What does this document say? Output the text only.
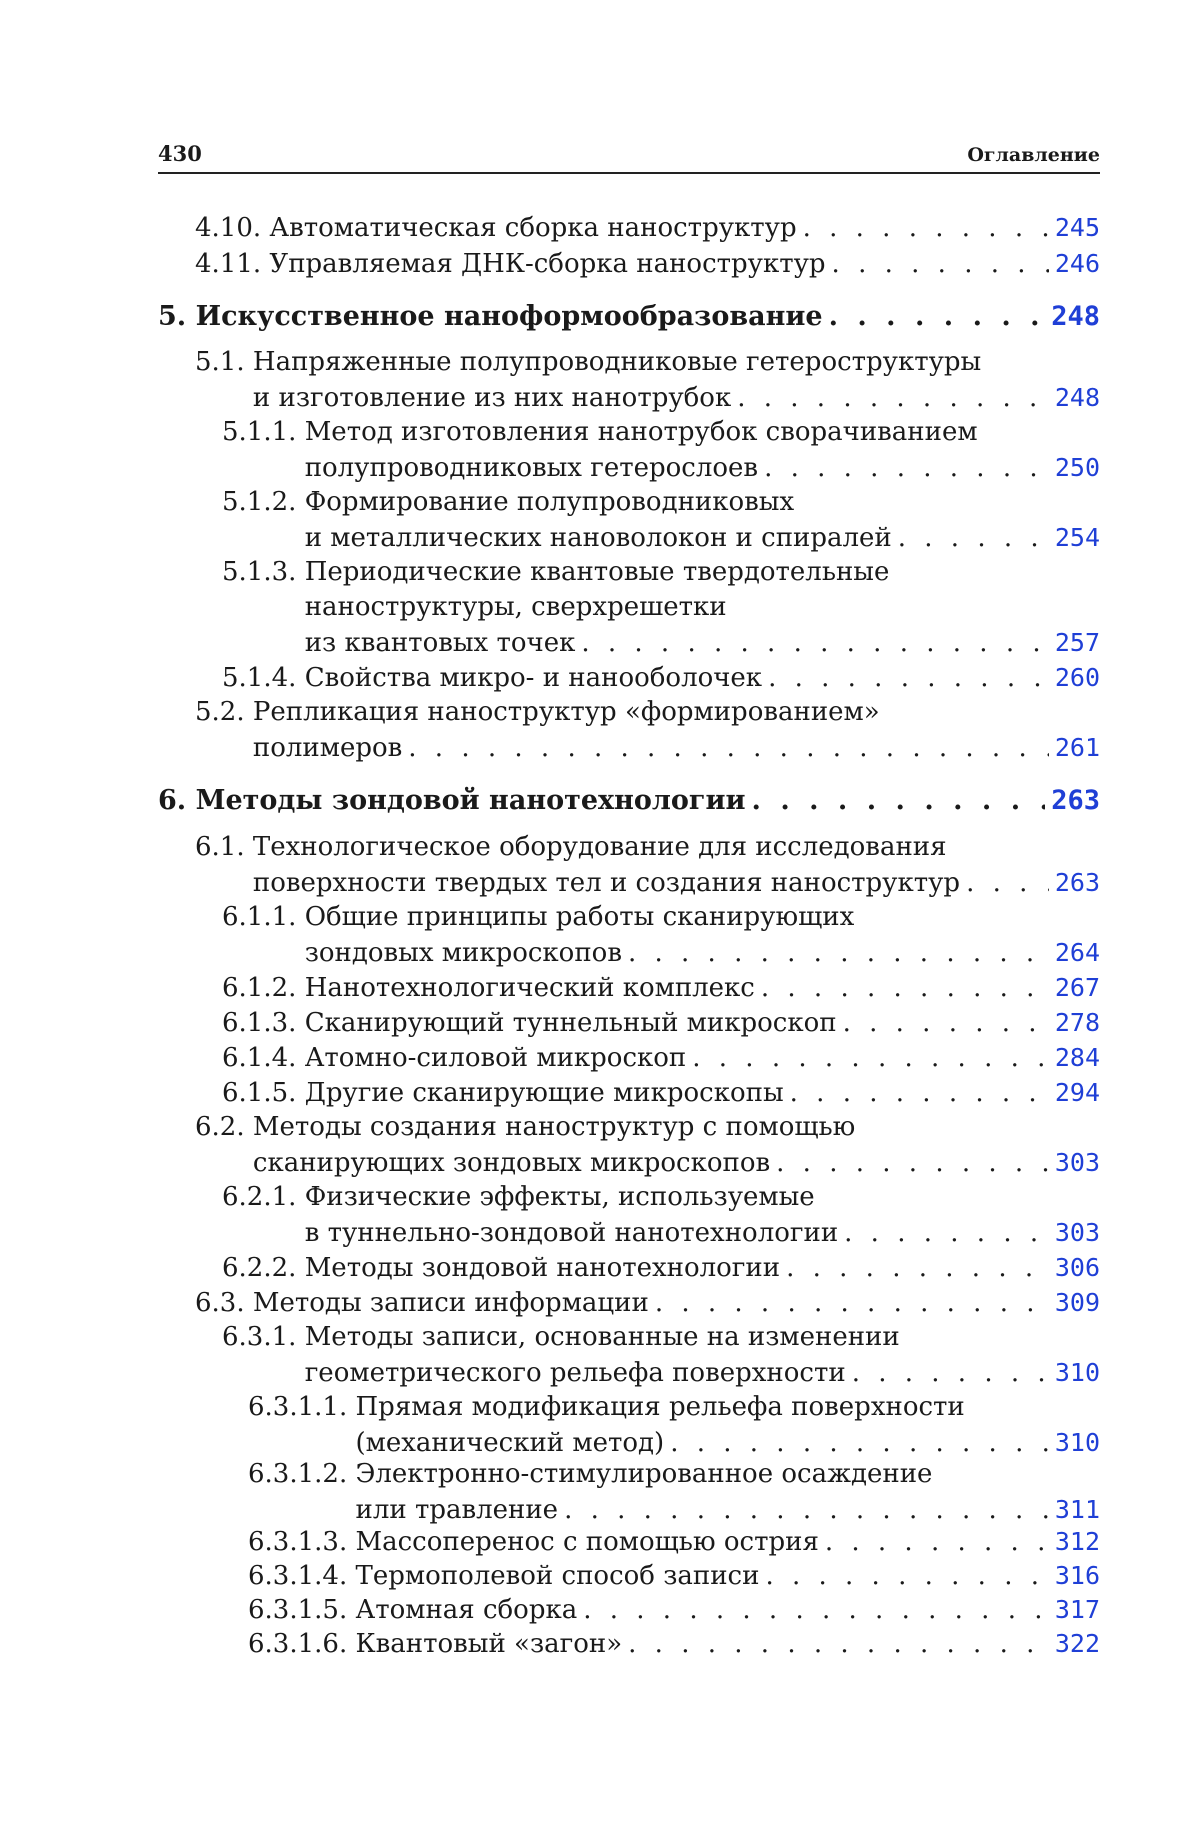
430	Оглавление
4.10. Автоматическая сборка наноструктур . . .	245
4.11. Управляемая ДНК-сборка наноструктур . . .	246
5. Искусственное наноформообразование . . .	248
5.1. Напряженные полупроводниковые гетероструктуры
и изготовление из них нанотрубок . . .	248
5.1.1. Метод изготовления нанотрубок сворачиванием
полупроводниковых гетерослоев . . .	250
5.1.2. Формирование полупроводниковых
и металлических нановолокон и спиралей . . .	254
5.1.3. Периодические квантовые твердотельные
наноструктуры, сверхрешетки
из квантовых точек . . .	257
5.1.4. Свойства микро- и нанооболочек . . .	260
5.2. Репликация наноструктур «формированием»
полимеров . . .	261
6. Методы зондовой нанотехнологии . . .	263
6.1. Технологическое оборудование для исследования
поверхности твердых тел и создания наноструктур . . .	263
6.1.1. Общие принципы работы сканирующих
зондовых микроскопов . . .	264
6.1.2. Нанотехнологический комплекс . . .	267
6.1.3. Сканирующий туннельный микроскоп . . .	278
6.1.4. Атомно-силовой микроскоп . . .	284
6.1.5. Другие сканирующие микроскопы . . .	294
6.2. Методы создания наноструктур с помощью
сканирующих зондовых микроскопов . . .	303
6.2.1. Физические эффекты, используемые
в туннельно-зондовой нанотехнологии . . .	303
6.2.2. Методы зондовой нанотехнологии . . .	306
6.3. Методы записи информации . . .	309
6.3.1. Методы записи, основанные на изменении
геометрического рельефа поверхности . . .	310
6.3.1.1. Прямая модификация рельефа поверхности
(механический метод) . . .	310
6.3.1.2. Электронно-стимулированное осаждение
или травление . . .	311
6.3.1.3. Массоперенос с помощью острия . . .	312
6.3.1.4. Термополевой способ записи . . .	316
6.3.1.5. Атомная сборка . . .	317
6.3.1.6. Квантовый «загон» . . .	322
